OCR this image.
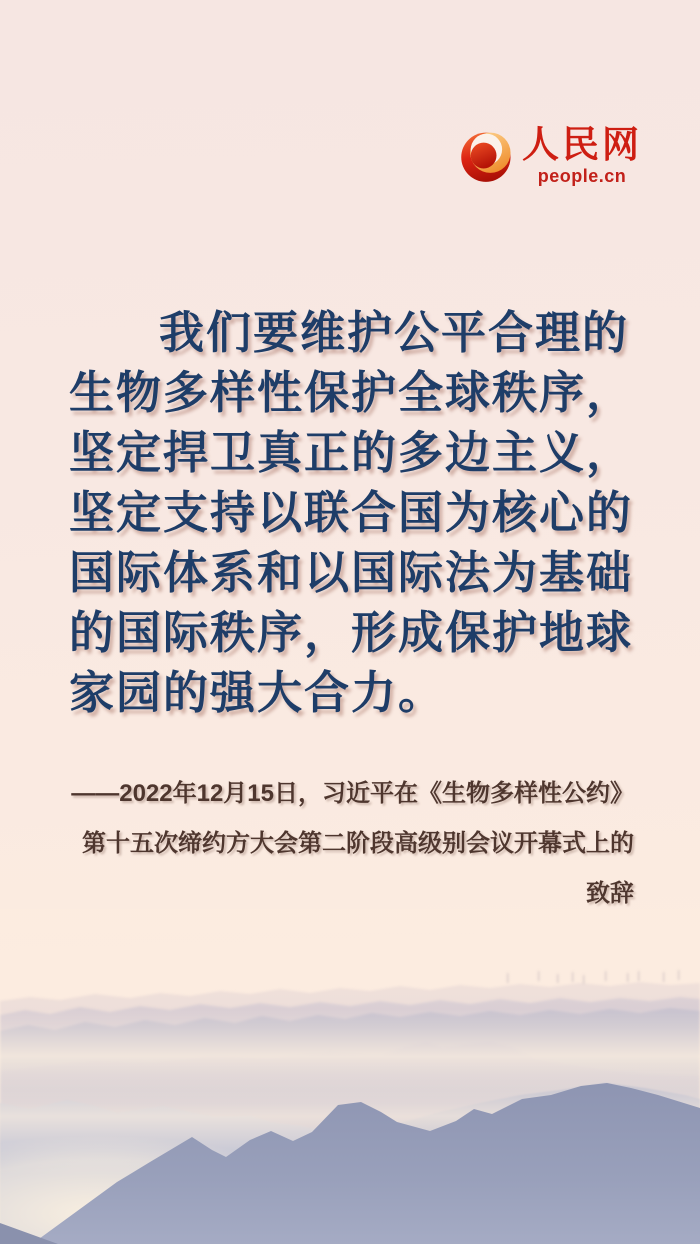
人民网
people.cn
我们要维护公平合理的
生物多样性保护全球秩序，
坚定捍卫真正的多边主义，
坚定支持以联合国为核心的
国际体系和以国际法为基础
的国际秩序，形成保护地球
家园的强大合力。
——2022年12月15日，习近平在《生物多样性公约》
第十五次缔约方大会第二阶段高级别会议开幕式上的
致辞
